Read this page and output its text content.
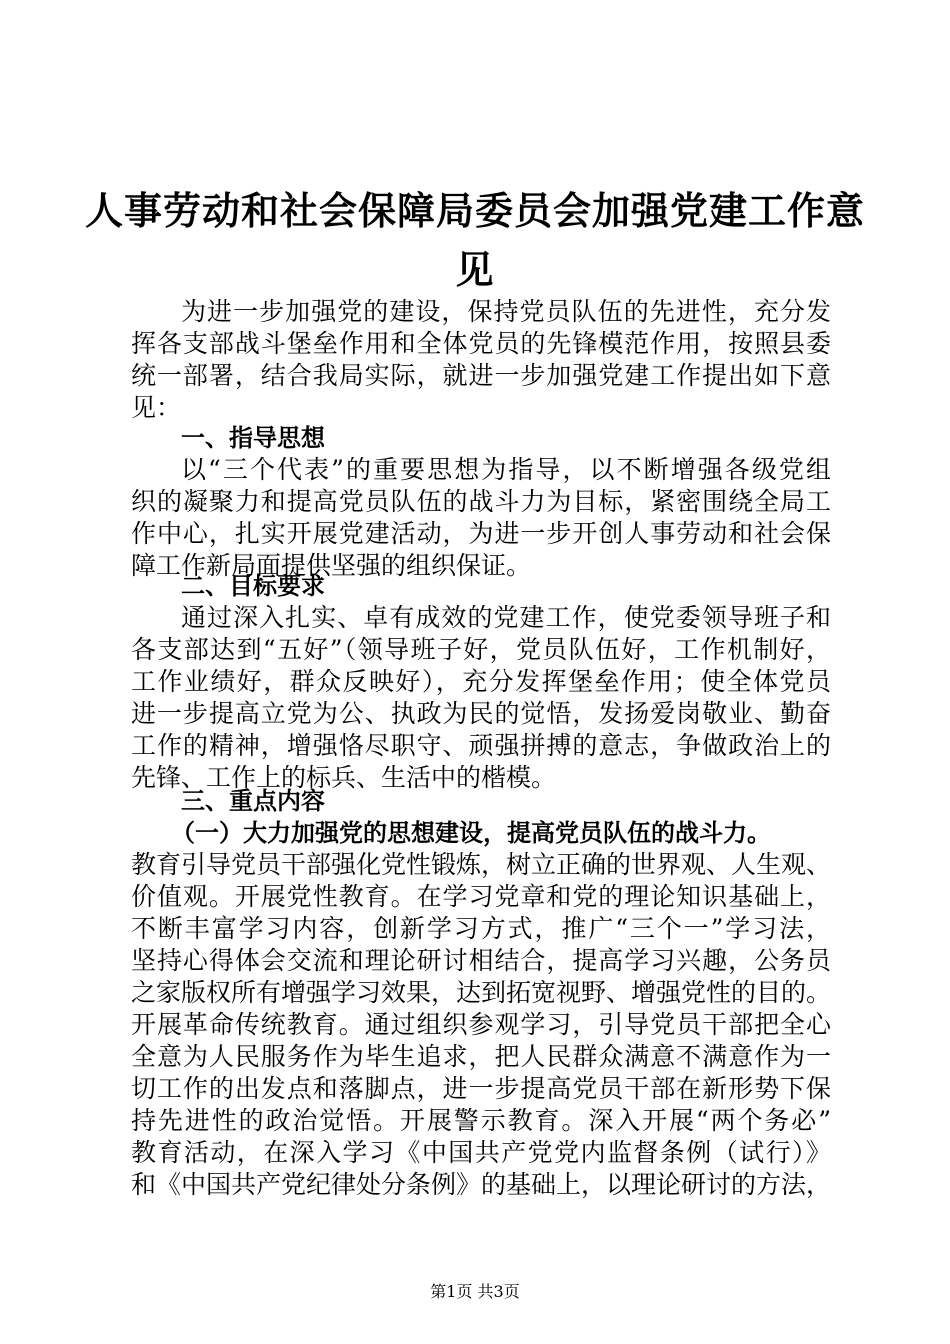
人事劳动和社会保障局委员会加强党建工作意
见
为进一步加强党的建设，保持党员队伍的先进性，充分发
挥各支部战斗堡垒作用和全体党员的先锋模范作用，按照县委
统一部署，结合我局实际，就进一步加强党建工作提出如下意
见：
一、指导思想
以“三个代表”的重要思想为指导，以不断增强各级党组
织的凝聚力和提高党员队伍的战斗力为目标，紧密围绕全局工
作中心，扎实开展党建活动，为进一步开创人事劳动和社会保
障工作新局面提供坚强的组织保证。
二、目标要求
通过深入扎实、卓有成效的党建工作，使党委领导班子和
各支部达到“五好”（领导班子好，党员队伍好，工作机制好，
工作业绩好，群众反映好），充分发挥堡垒作用；使全体党员
进一步提高立党为公、执政为民的觉悟，发扬爱岗敬业、勤奋
工作的精神，增强恪尽职守、顽强拼搏的意志，争做政治上的
先锋、工作上的标兵、生活中的楷模。
三、重点内容
（一）大力加强党的思想建设，提高党员队伍的战斗力。
教育引导党员干部强化党性锻炼，树立正确的世界观、人生观、
价值观。开展党性教育。在学习党章和党的理论知识基础上，
不断丰富学习内容，创新学习方式，推广“三个一”学习法，
坚持心得体会交流和理论研讨相结合，提高学习兴趣，公务员
之家版权所有增强学习效果，达到拓宽视野、增强党性的目的。
开展革命传统教育。通过组织参观学习，引导党员干部把全心
全意为人民服务作为毕生追求，把人民群众满意不满意作为一
切工作的出发点和落脚点，进一步提高党员干部在新形势下保
持先进性的政治觉悟。开展警示教育。深入开展“两个务必”
教育活动，在深入学习《中国共产党党内监督条例（试行）》
和《中国共产党纪律处分条例》的基础上，以理论研讨的方法，
第1页 共3页
